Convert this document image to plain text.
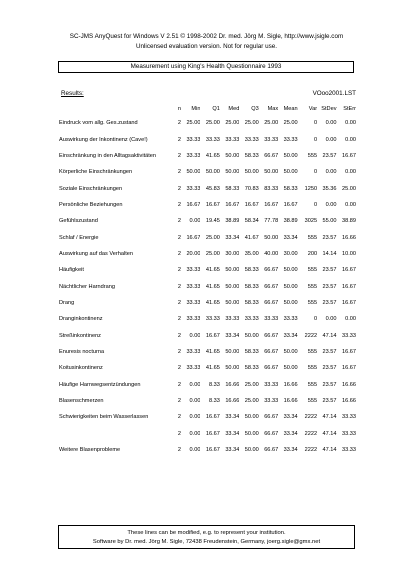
SC-JMS AnyQuest for Windows V 2.51 © 1998-2002 Dr. med. Jörg M. Sigle, http://www.jsigle.com
Unlicensed evaluation version. Not for regular use.
Measurement using King's Health Questionnaire 1993
Results:	VOoo2001.LST
	n	Min	Q1	Med	Q3	Max	Mean	Var	StDev	StErr
Eindruck vom allg. Ges.zustand	2	25.00	25.00	25.00	25.00	25.00	25.00	0	0.00	0.00
Auswirkung der Inkontinenz (Cave!)	2	33.33	33.33	33.33	33.33	33.33	33.33	0	0.00	0.00
Einschränkung in den Alltagsaktivitäten	2	33.33	41.65	50.00	58.33	66.67	50.00	555	23.57	16.67
Körperliche Einschränkungen	2	50.00	50.00	50.00	50.00	50.00	50.00	0	0.00	0.00
Soziale Einschränkungen	2	33.33	45.83	58.33	70.83	83.33	58.33	1250	35.36	25.00
Persönliche Beziehungen	2	16.67	16.67	16.67	16.67	16.67	16.67	0	0.00	0.00
Gefühlszustand	2	0.00	19.45	38.89	58.34	77.78	38.89	3025	55.00	38.89
Schlaf / Energie	2	16.67	25.00	33.34	41.67	50.00	33.34	555	23.57	16.66
Auswirkung auf das Verhalten	2	20.00	25.00	30.00	35.00	40.00	30.00	200	14.14	10.00
Häufigkeit	2	33.33	41.65	50.00	58.33	66.67	50.00	555	23.57	16.67
Nächtlicher Harndrang	2	33.33	41.65	50.00	58.33	66.67	50.00	555	23.57	16.67
Drang	2	33.33	41.65	50.00	58.33	66.67	50.00	555	23.57	16.67
Dranginkontinenz	2	33.33	33.33	33.33	33.33	33.33	33.33	0	0.00	0.00
Streßinkontinenz	2	0.00	16.67	33.34	50.00	66.67	33.34	2222	47.14	33.33
Enuresis nocturna	2	33.33	41.65	50.00	58.33	66.67	50.00	555	23.57	16.67
Koitusinkontinenz	2	33.33	41.65	50.00	58.33	66.67	50.00	555	23.57	16.67
Häufige Harnwegsentzündungen	2	0.00	8.33	16.66	25.00	33.33	16.66	555	23.57	16.66
Blasenschmerzen	2	0.00	8.33	16.66	25.00	33.33	16.66	555	23.57	16.66
Schwierigkeiten beim Wasserlassen	2	0.00	16.67	33.34	50.00	66.67	33.34	2222	47.14	33.33
	2	0.00	16.67	33.34	50.00	66.67	33.34	2222	47.14	33.33
Weitere Blasenprobleme	2	0.00	16.67	33.34	50.00	66.67	33.34	2222	47.14	33.33
These lines can be modified, e.g. to represent your institution.
Software by Dr. med. Jörg M. Sigle, 72438 Freudenstein, Germany, joerg.sigle@gmx.net
